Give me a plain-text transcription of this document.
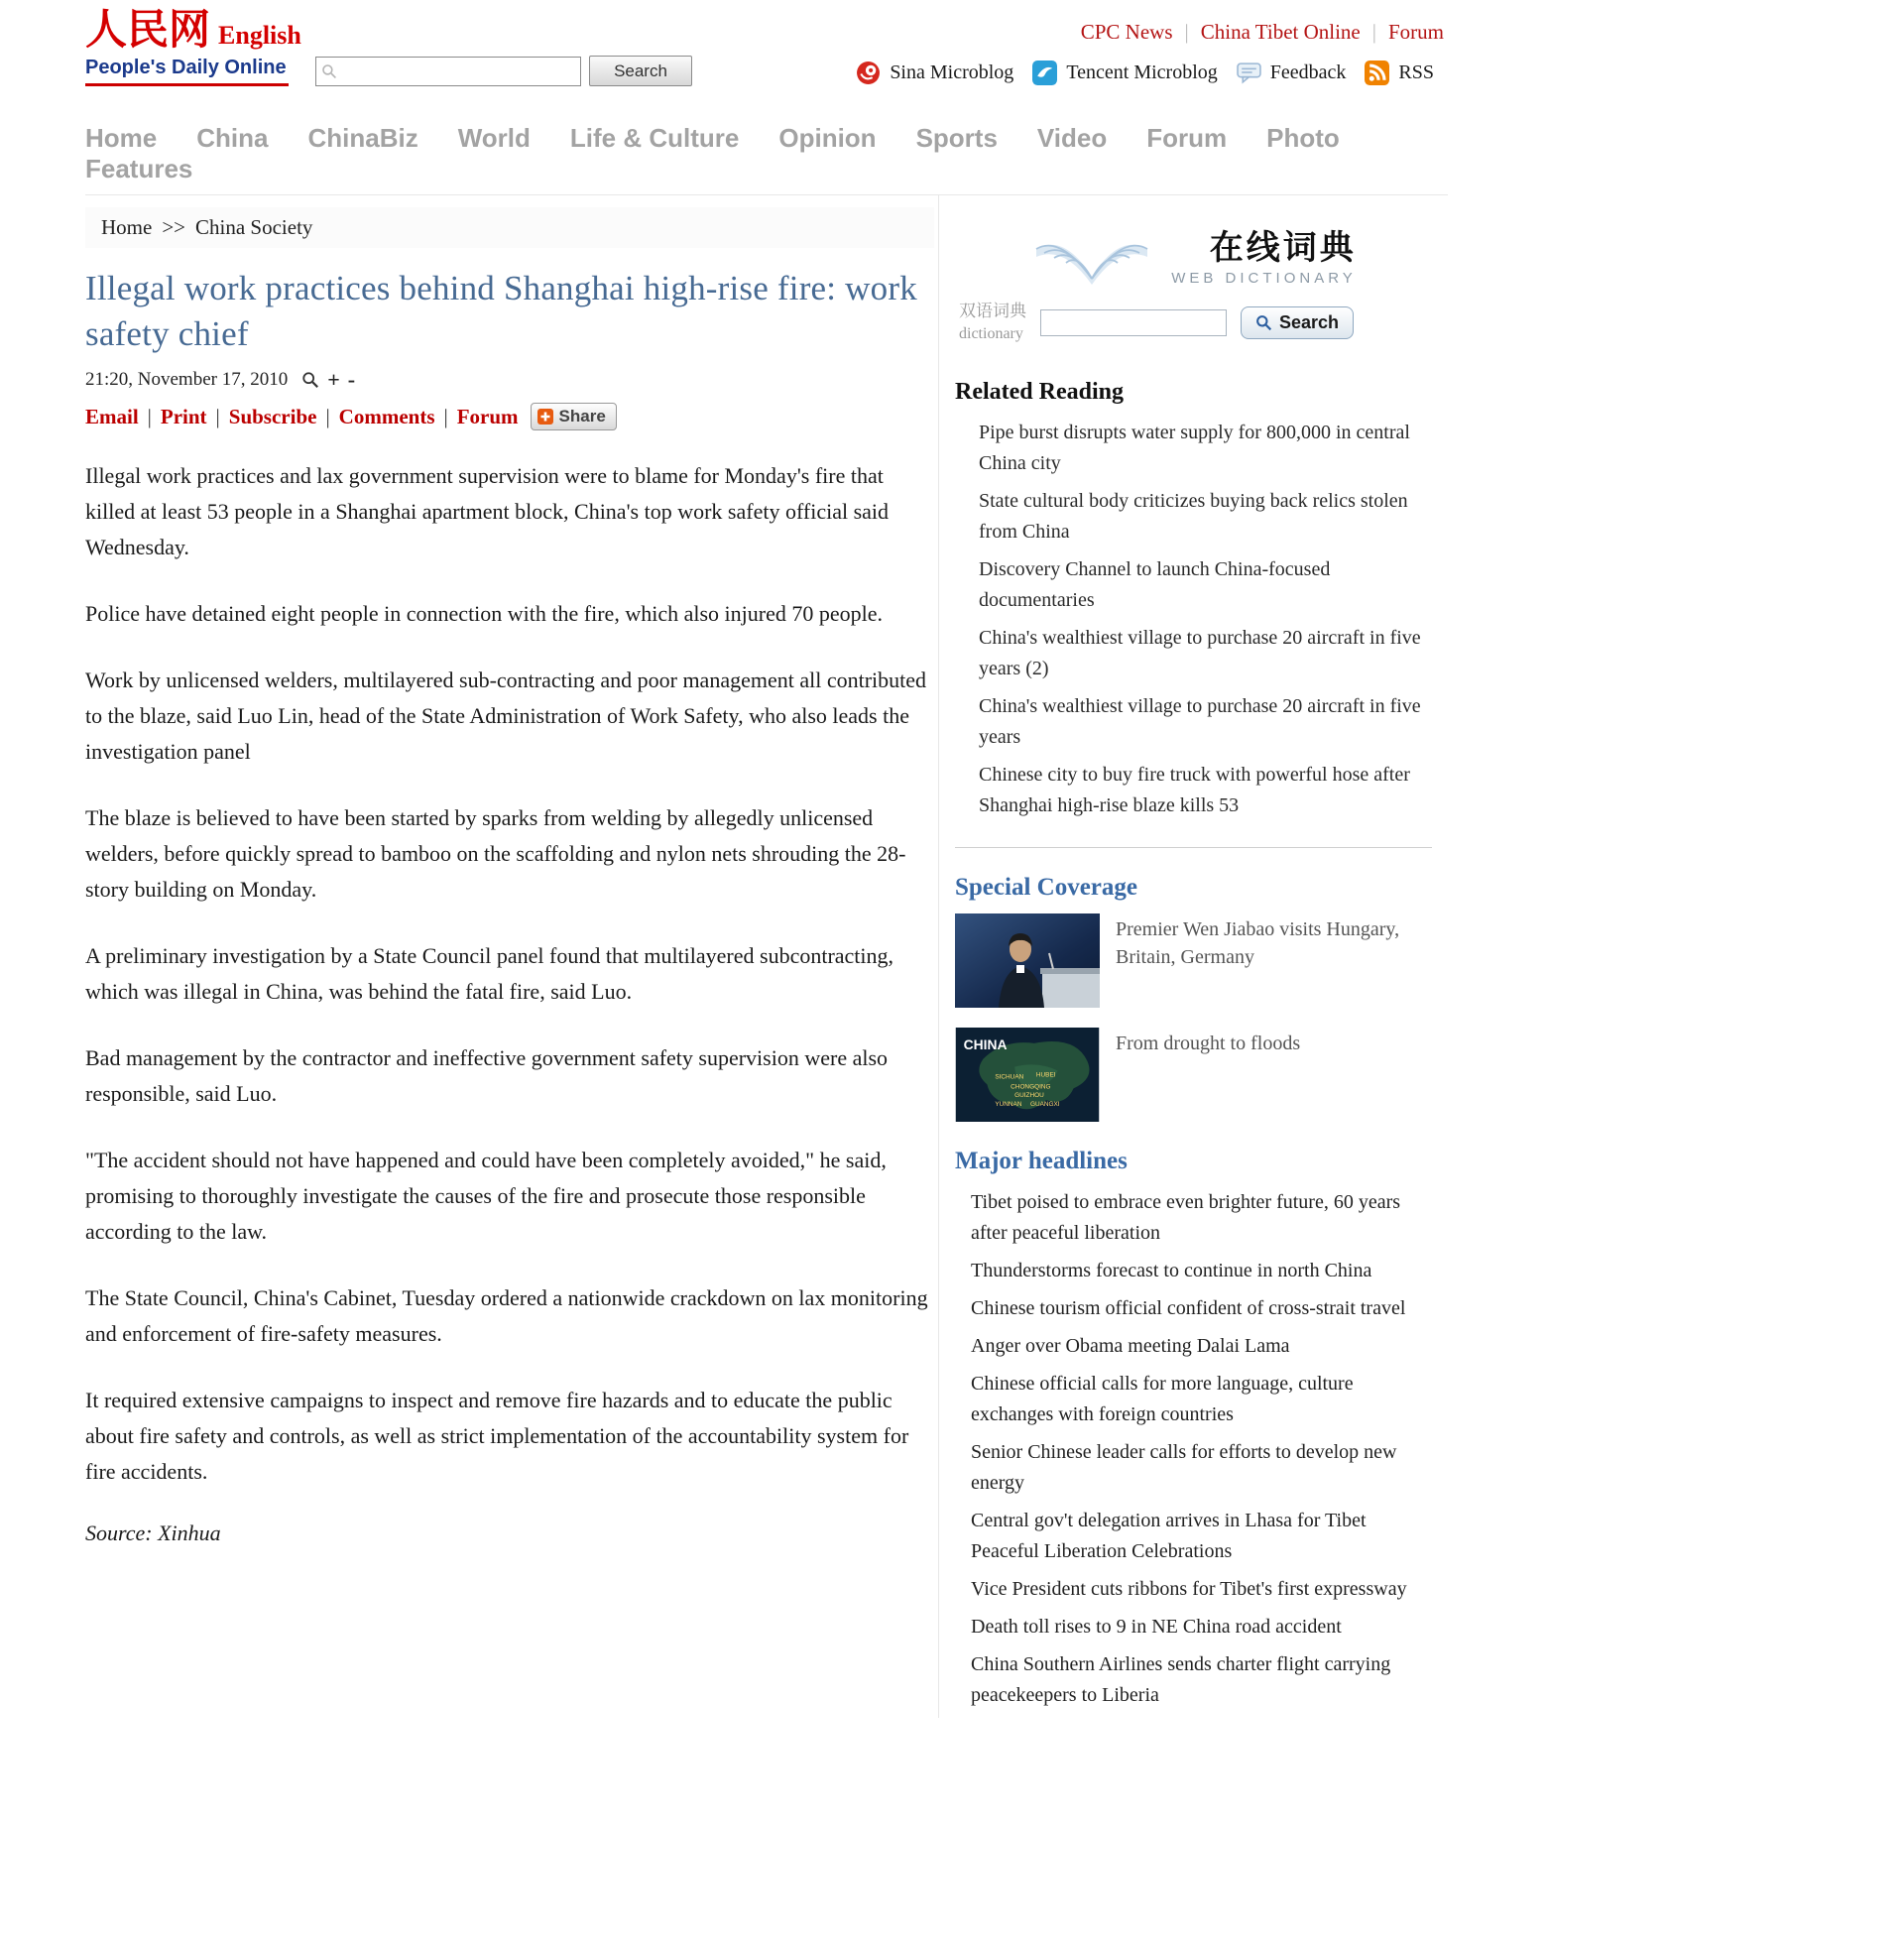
人民网 English
People's Daily Online	Search
CPC News | China Tibet Online | Forum
Sina Microblog	Tencent Microblog	Feedback	RSS
Home China ChinaBiz World Life & Culture Opinion Sports Video Forum Photo Features
Home >> China Society
Illegal work practices behind Shanghai high-rise fire: work safety chief
21:20, November 17, 2010 + -
Email | Print | Subscribe | Comments | Forum Share

Illegal work practices and lax government supervision were to blame for Monday's fire that killed at least 53 people in a Shanghai apartment block, China's top work safety official said Wednesday.

Police have detained eight people in connection with the fire, which also injured 70 people.

Work by unlicensed welders, multilayered sub-contracting and poor management all contributed to the blaze, said Luo Lin, head of the State Administration of Work Safety, who also leads the investigation panel

The blaze is believed to have been started by sparks from welding by allegedly unlicensed welders, before quickly spread to bamboo on the scaffolding and nylon nets shrouding the 28-story building on Monday.

A preliminary investigation by a State Council panel found that multilayered subcontracting, which was illegal in China, was behind the fatal fire, said Luo.

Bad management by the contractor and ineffective government safety supervision were also responsible, said Luo.

"The accident should not have happened and could have been completely avoided," he said, promising to thoroughly investigate the causes of the fire and prosecute those responsible according to the law.

The State Council, China's Cabinet, Tuesday ordered a nationwide crackdown on lax monitoring and enforcement of fire-safety measures.

It required extensive campaigns to inspect and remove fire hazards and to educate the public about fire safety and controls, as well as strict implementation of the accountability system for fire accidents.

Source: Xinhua
在线词典
WEB DICTIONARY
双语词典
dictionary
Search
Related Reading
Pipe burst disrupts water supply for 800,000 in central China city
State cultural body criticizes buying back relics stolen from China
Discovery Channel to launch China-focused documentaries
China's wealthiest village to purchase 20 aircraft in five years (2)
China's wealthiest village to purchase 20 aircraft in five years
Chinese city to buy fire truck with powerful hose after Shanghai high-rise blaze kills 53
Special Coverage
Premier Wen Jiabao visits Hungary, Britain, Germany
CHINA
SICHUAN HUBEI
CHONGQING
GUIZHOU
YUNNAN GUANGXI
From drought to floods
Major headlines
Tibet poised to embrace even brighter future, 60 years after peaceful liberation
Thunderstorms forecast to continue in north China
Chinese tourism official confident of cross-strait travel
Anger over Obama meeting Dalai Lama
Chinese official calls for more language, culture exchanges with foreign countries
Senior Chinese leader calls for efforts to develop new energy
Central gov't delegation arrives in Lhasa for Tibet Peaceful Liberation Celebrations
Vice President cuts ribbons for Tibet's first expressway
Death toll rises to 9 in NE China road accident
China Southern Airlines sends charter flight carrying peacekeepers to Liberia
